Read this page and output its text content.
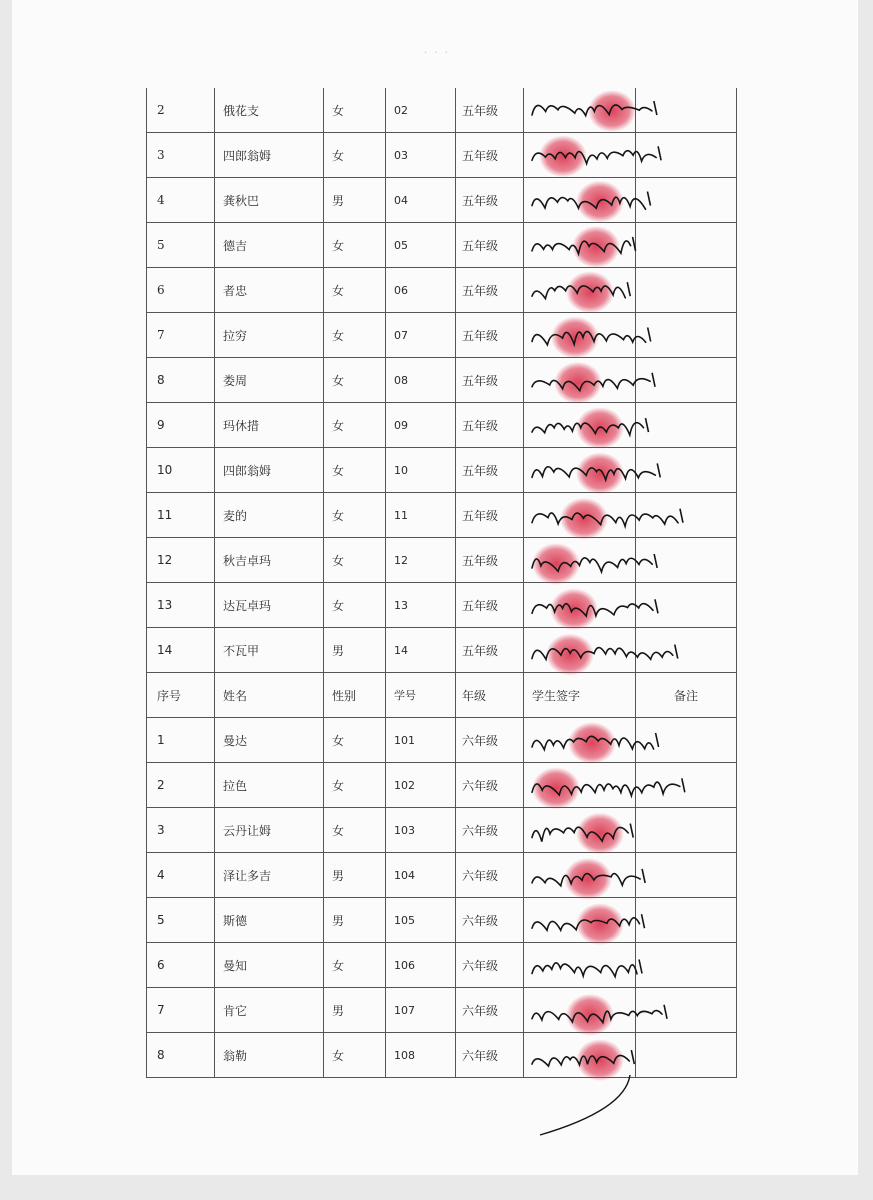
· · ·
2	俄花支	女	02	五年级		
3	四郎翁姆	女	03	五年级		
4	龚秋巴	男	04	五年级		
5	德吉	女	05	五年级		
6	者忠	女	06	五年级		
7	拉穷	女	07	五年级		
8	娄周	女	08	五年级		
9	玛休措	女	09	五年级		
10	四郎翁姆	女	10	五年级		
11	麦的	女	11	五年级		
12	秋吉卓玛	女	12	五年级		
13	达瓦卓玛	女	13	五年级		
14	不瓦甲	男	14	五年级		
序号	姓名	性别	学号	年级	学生签字	备注
1	曼达	女	101	六年级		
2	拉色	女	102	六年级		
3	云丹让姆	女	103	六年级		
4	泽让多吉	男	104	六年级		
5	斯德	男	105	六年级		
6	曼知	女	106	六年级		
7	肯它	男	107	六年级		
8	翁勒	女	108	六年级		
